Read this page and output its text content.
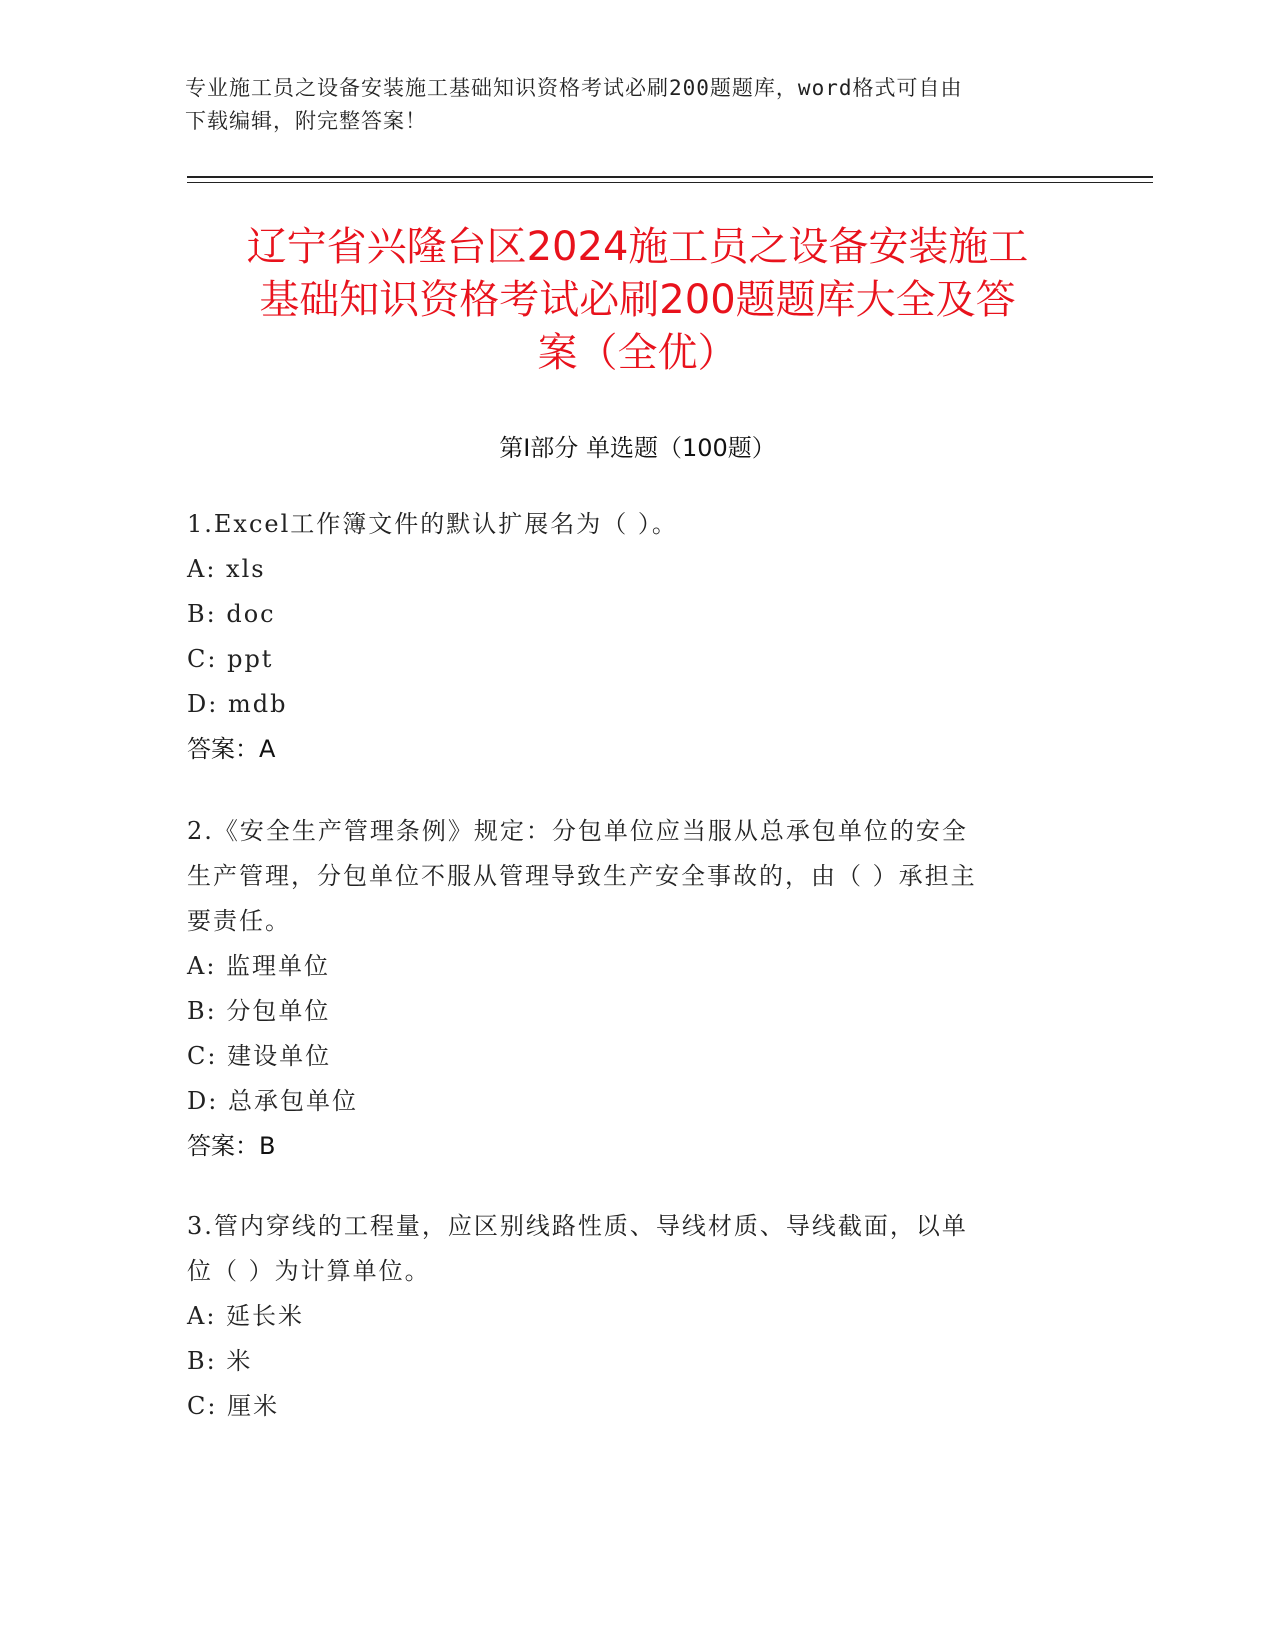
专业施工员之设备安装施工基础知识资格考试必刷200题题库，word格式可自由
下载编辑，附完整答案！
辽宁省兴隆台区2024施工员之设备安装施工
基础知识资格考试必刷200题题库大全及答
案（全优）
第Ⅰ部分 单选题（100题）
1.Excel工作簿文件的默认扩展名为（ ）。
A: xls
B: doc
C: ppt
D: mdb
答案：A
2.《安全生产管理条例》规定：分包单位应当服从总承包单位的安全
生产管理，分包单位不服从管理导致生产安全事故的，由（ ）承担主
要责任。
A: 监理单位
B: 分包单位
C: 建设单位
D: 总承包单位
答案：B
3.管内穿线的工程量，应区别线路性质、导线材质、导线截面，以单
位（ ）为计算单位。
A: 延长米
B: 米
C: 厘米
